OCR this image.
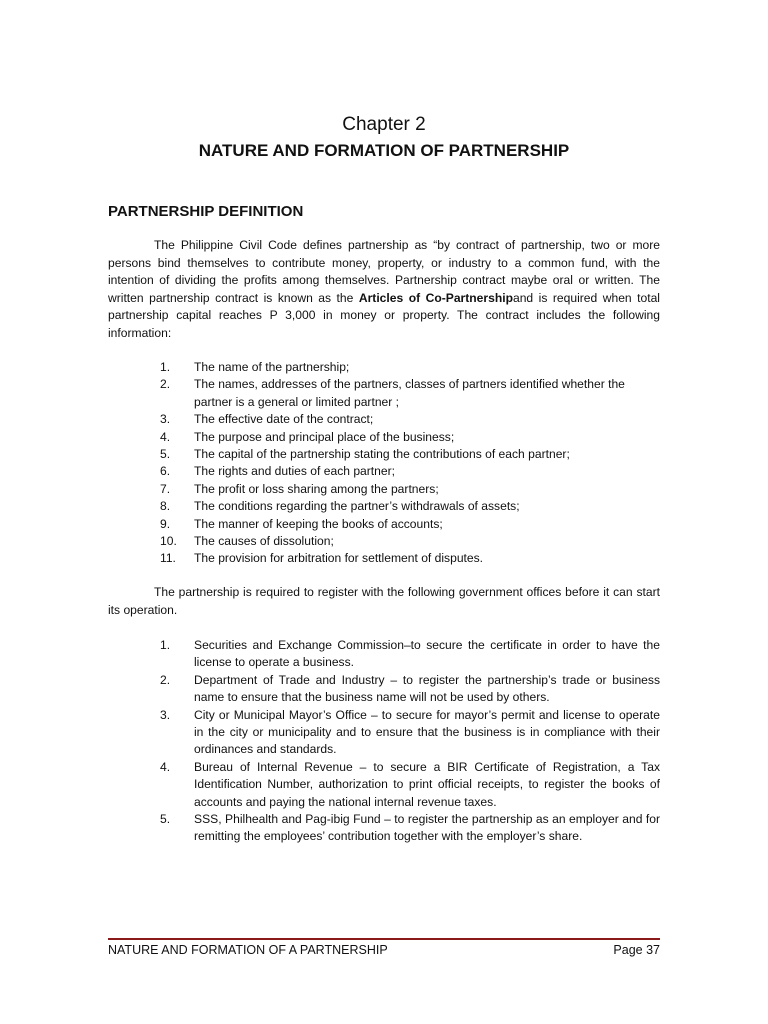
Chapter 2
NATURE AND FORMATION OF PARTNERSHIP
PARTNERSHIP DEFINITION

The Philippine Civil Code defines partnership as “by contract of partnership, two or more persons bind themselves to contribute money, property, or industry to a common fund, with the intention of dividing the profits among themselves. Partnership contract maybe oral or written. The written partnership contract is known as the Articles of Co-Partnershipand is required when total partnership capital reaches P 3,000 in money or property. The contract includes the following information:

1.	The name of the partnership;
2.	The names, addresses of the partners, classes of partners identified whether the partner is a general or limited partner ;
3.	The effective date of the contract;
4.	The purpose and principal place of the business;
5.	The capital of the partnership stating the contributions of each partner;
6.	The rights and duties of each partner;
7.	The profit or loss sharing among the partners;
8.	The conditions regarding the partner’s withdrawals of assets;
9.	The manner of keeping the books of accounts;
10.	The causes of dissolution;
11.	The provision for arbitration for settlement of disputes.

The partnership is required to register with the following government offices before it can start its operation.

1.	Securities and Exchange Commission–to secure the certificate in order to have the license to operate a business.
2.	Department of Trade and Industry – to register the partnership’s trade or business name to ensure that the business name will not be used by others.
3.	City or Municipal Mayor’s Office – to secure for mayor’s permit and license to operate in the city or municipality and to ensure that the business is in compliance with their ordinances and standards.
4.	Bureau of Internal Revenue – to secure a BIR Certificate of Registration, a Tax Identification Number, authorization to print official receipts, to register the books of accounts and paying the national internal revenue taxes.
5.	SSS, Philhealth and Pag-ibig Fund – to register the partnership as an employer and for remitting the employees’ contribution together with the employer’s share.
NATURE AND FORMATION OF A PARTNERSHIP	Page 37
